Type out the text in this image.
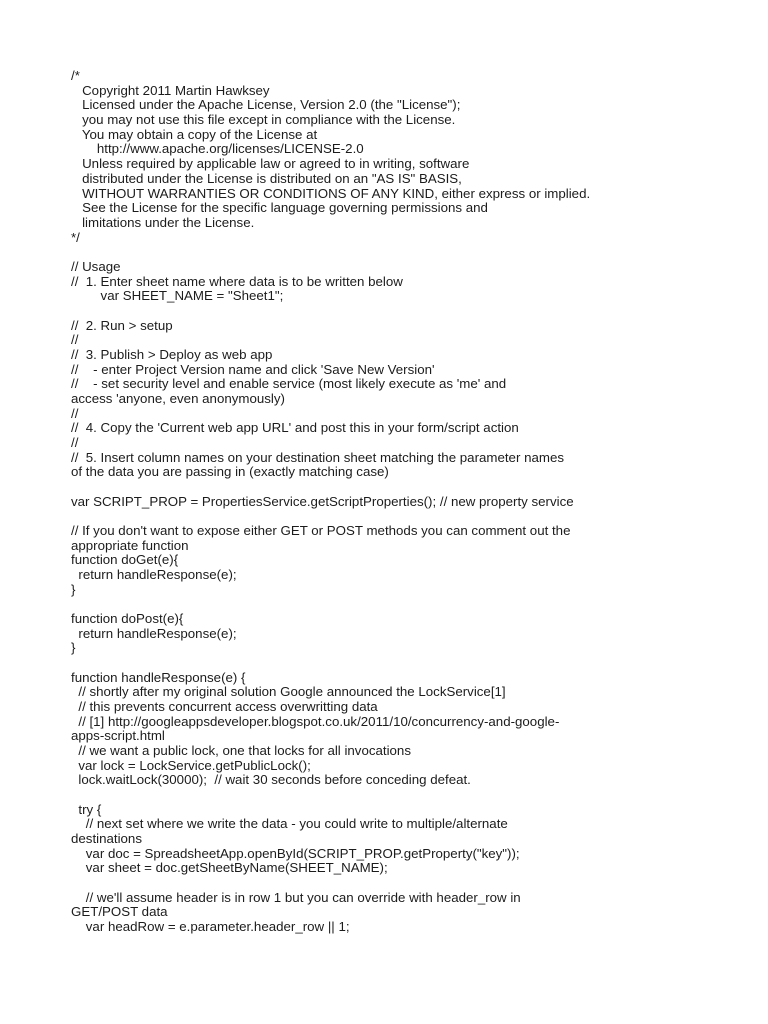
/*
Copyright 2011 Martin Hawksey
Licensed under the Apache License, Version 2.0 (the "License");
you may not use this file except in compliance with the License.
You may obtain a copy of the License at
http://www.apache.org/licenses/LICENSE-2.0
Unless required by applicable law or agreed to in writing, software
distributed under the License is distributed on an "AS IS" BASIS,
WITHOUT WARRANTIES OR CONDITIONS OF ANY KIND, either express or implied.
See the License for the specific language governing permissions and
limitations under the License.
*/
// Usage
//  1. Enter sheet name where data is to be written below
var SHEET_NAME = "Sheet1";
//  2. Run > setup
//
//  3. Publish > Deploy as web app
//    - enter Project Version name and click 'Save New Version'
//    - set security level and enable service (most likely execute as 'me' and
access 'anyone, even anonymously)
//
//  4. Copy the 'Current web app URL' and post this in your form/script action
//
//  5. Insert column names on your destination sheet matching the parameter names
of the data you are passing in (exactly matching case)
var SCRIPT_PROP = PropertiesService.getScriptProperties(); // new property service
// If you don't want to expose either GET or POST methods you can comment out the
appropriate function
function doGet(e){
return handleResponse(e);
}
function doPost(e){
return handleResponse(e);
}
function handleResponse(e) {
// shortly after my original solution Google announced the LockService[1]
// this prevents concurrent access overwritting data
// [1] http://googleappsdeveloper.blogspot.co.uk/2011/10/concurrency-and-google-
apps-script.html
// we want a public lock, one that locks for all invocations
var lock = LockService.getPublicLock();
lock.waitLock(30000);  // wait 30 seconds before conceding defeat.
try {
// next set where we write the data - you could write to multiple/alternate
destinations
var doc = SpreadsheetApp.openById(SCRIPT_PROP.getProperty("key"));
var sheet = doc.getSheetByName(SHEET_NAME);
// we'll assume header is in row 1 but you can override with header_row in
GET/POST data
var headRow = e.parameter.header_row || 1;
